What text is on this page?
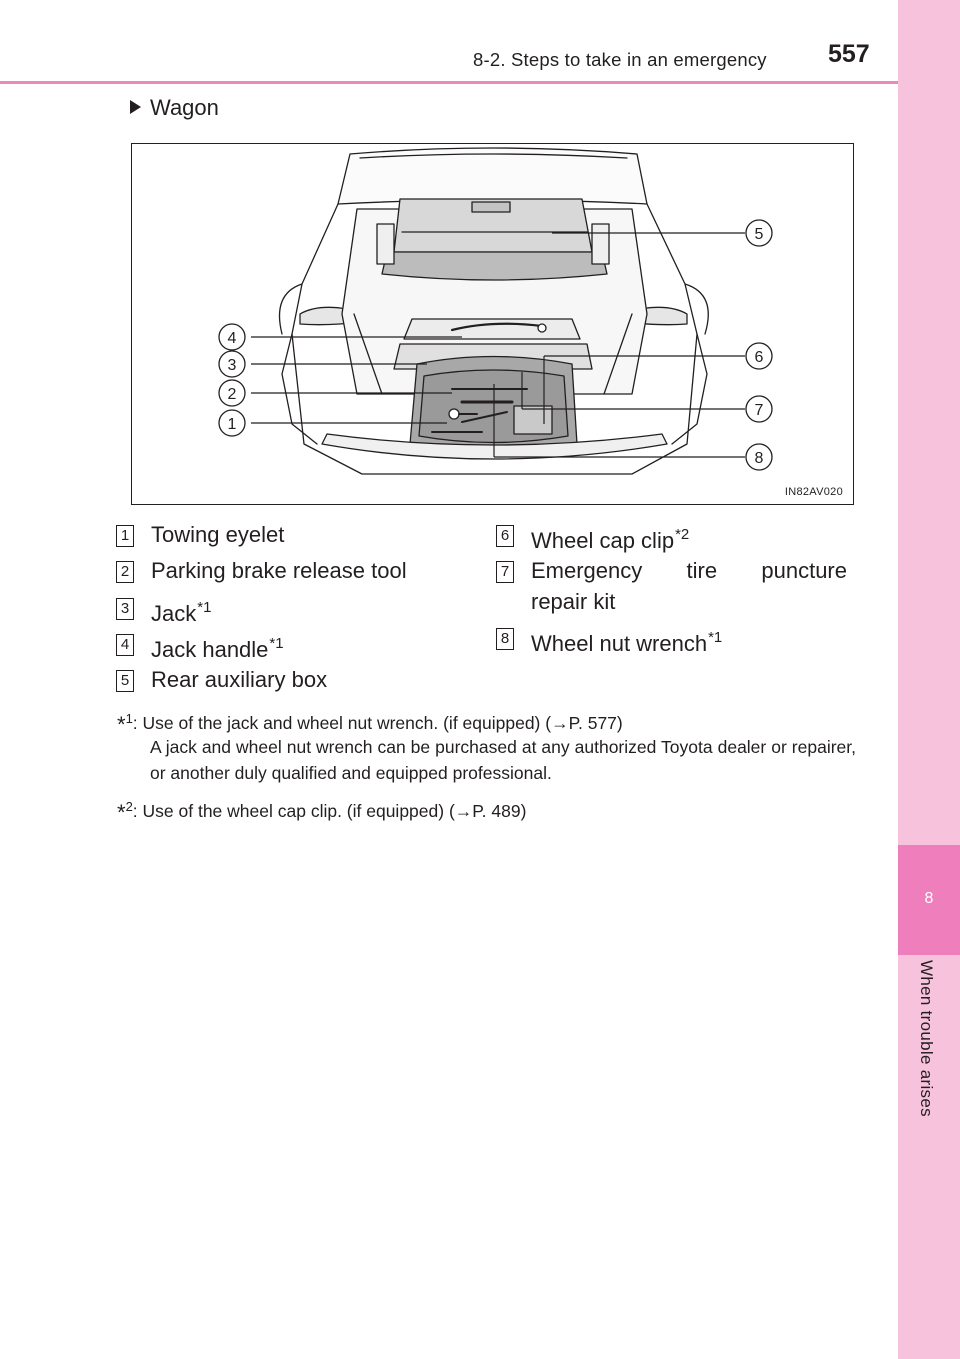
8-2. Steps to take in an emergency 557
8
When trouble arises
Wagon
1
2
3
4
5
6
7
8
IN82AV020
1 Towing eyelet
2 Parking brake release tool
3 Jack$^{*1}$
4 Jack handle$^{*1}$
5 Rear auxiliary box
6 Wheel cap clip$^{*2}$
7 Emergency tire puncture
repair kit
8 Wheel nut wrench$^{*1}$
*$^1$: Use of the jack and wheel nut wrench. (if equipped) (→P. 577)
A jack and wheel nut wrench can be purchased at any authorized Toyota dealer or repairer, or another duly qualified and equipped professional.
*$^2$: Use of the wheel cap clip. (if equipped) (→P. 489)
